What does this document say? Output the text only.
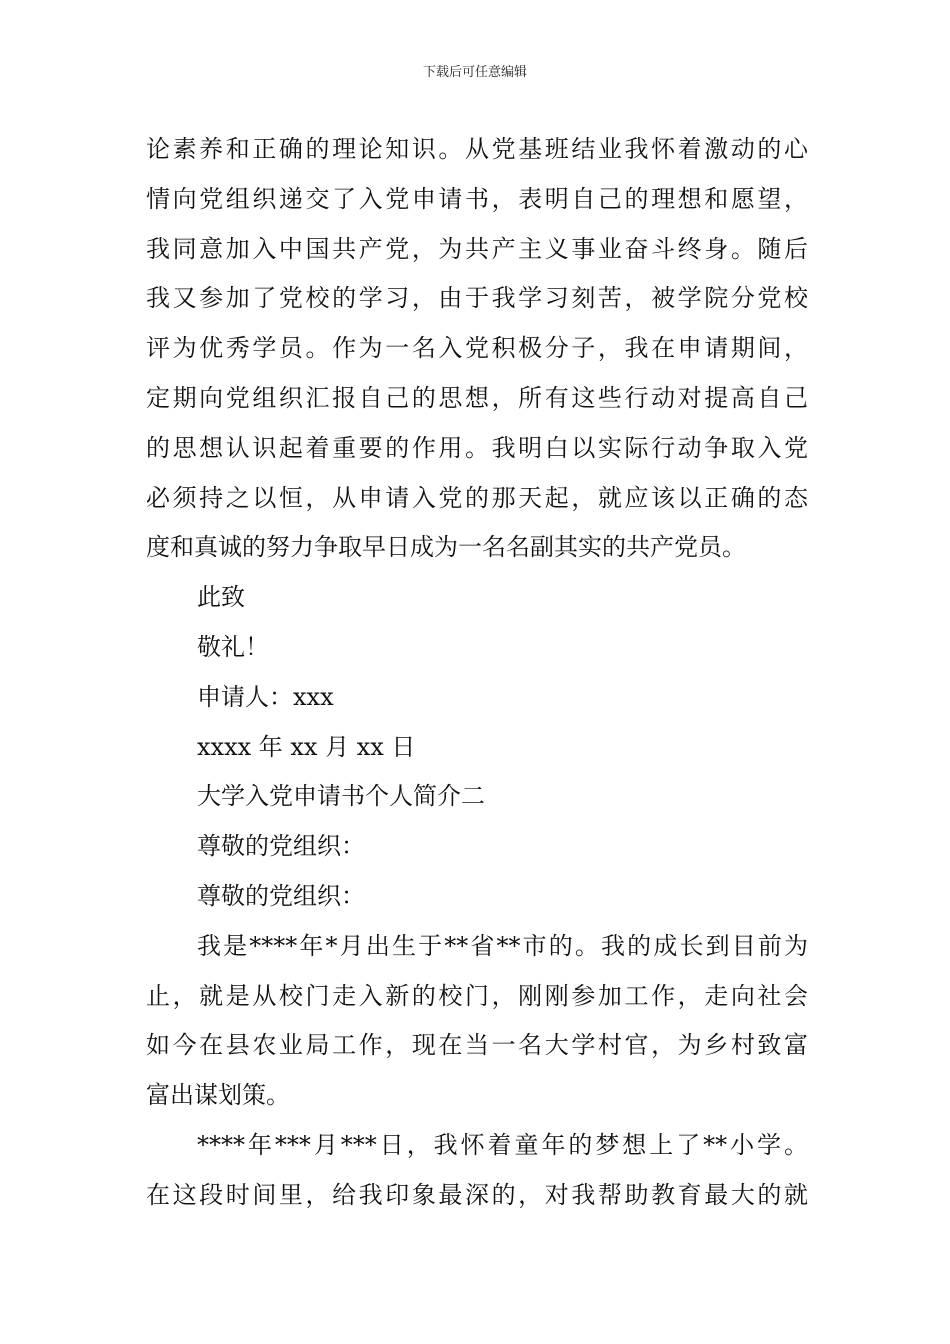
下载后可任意编辑
论素养和正确的理论知识。从党基班结业我怀着激动的心
情向党组织递交了入党申请书，表明自己的理想和愿望，
我同意加入中国共产党，为共产主义事业奋斗终身。随后
我又参加了党校的学习，由于我学习刻苦，被学院分党校
评为优秀学员。作为一名入党积极分子，我在申请期间，
定期向党组织汇报自己的思想，所有这些行动对提高自己
的思想认识起着重要的作用。我明白以实际行动争取入党
必须持之以恒，从申请入党的那天起，就应该以正确的态
度和真诚的努力争取早日成为一名名副其实的共产党员。
此致
敬礼！
申请人：xxx
xxxx 年 xx 月 xx 日
大学入党申请书个人简介二
尊敬的党组织：
尊敬的党组织：
我是****年*月出生于**省**市的。我的成长到目前为
止，就是从校门走入新的校门，刚刚参加工作，走向社会
如今在县农业局工作，现在当一名大学村官，为乡村致富
富出谋划策。
****年***月***日，我怀着童年的梦想上了**小学。
在这段时间里，给我印象最深的，对我帮助教育最大的就
